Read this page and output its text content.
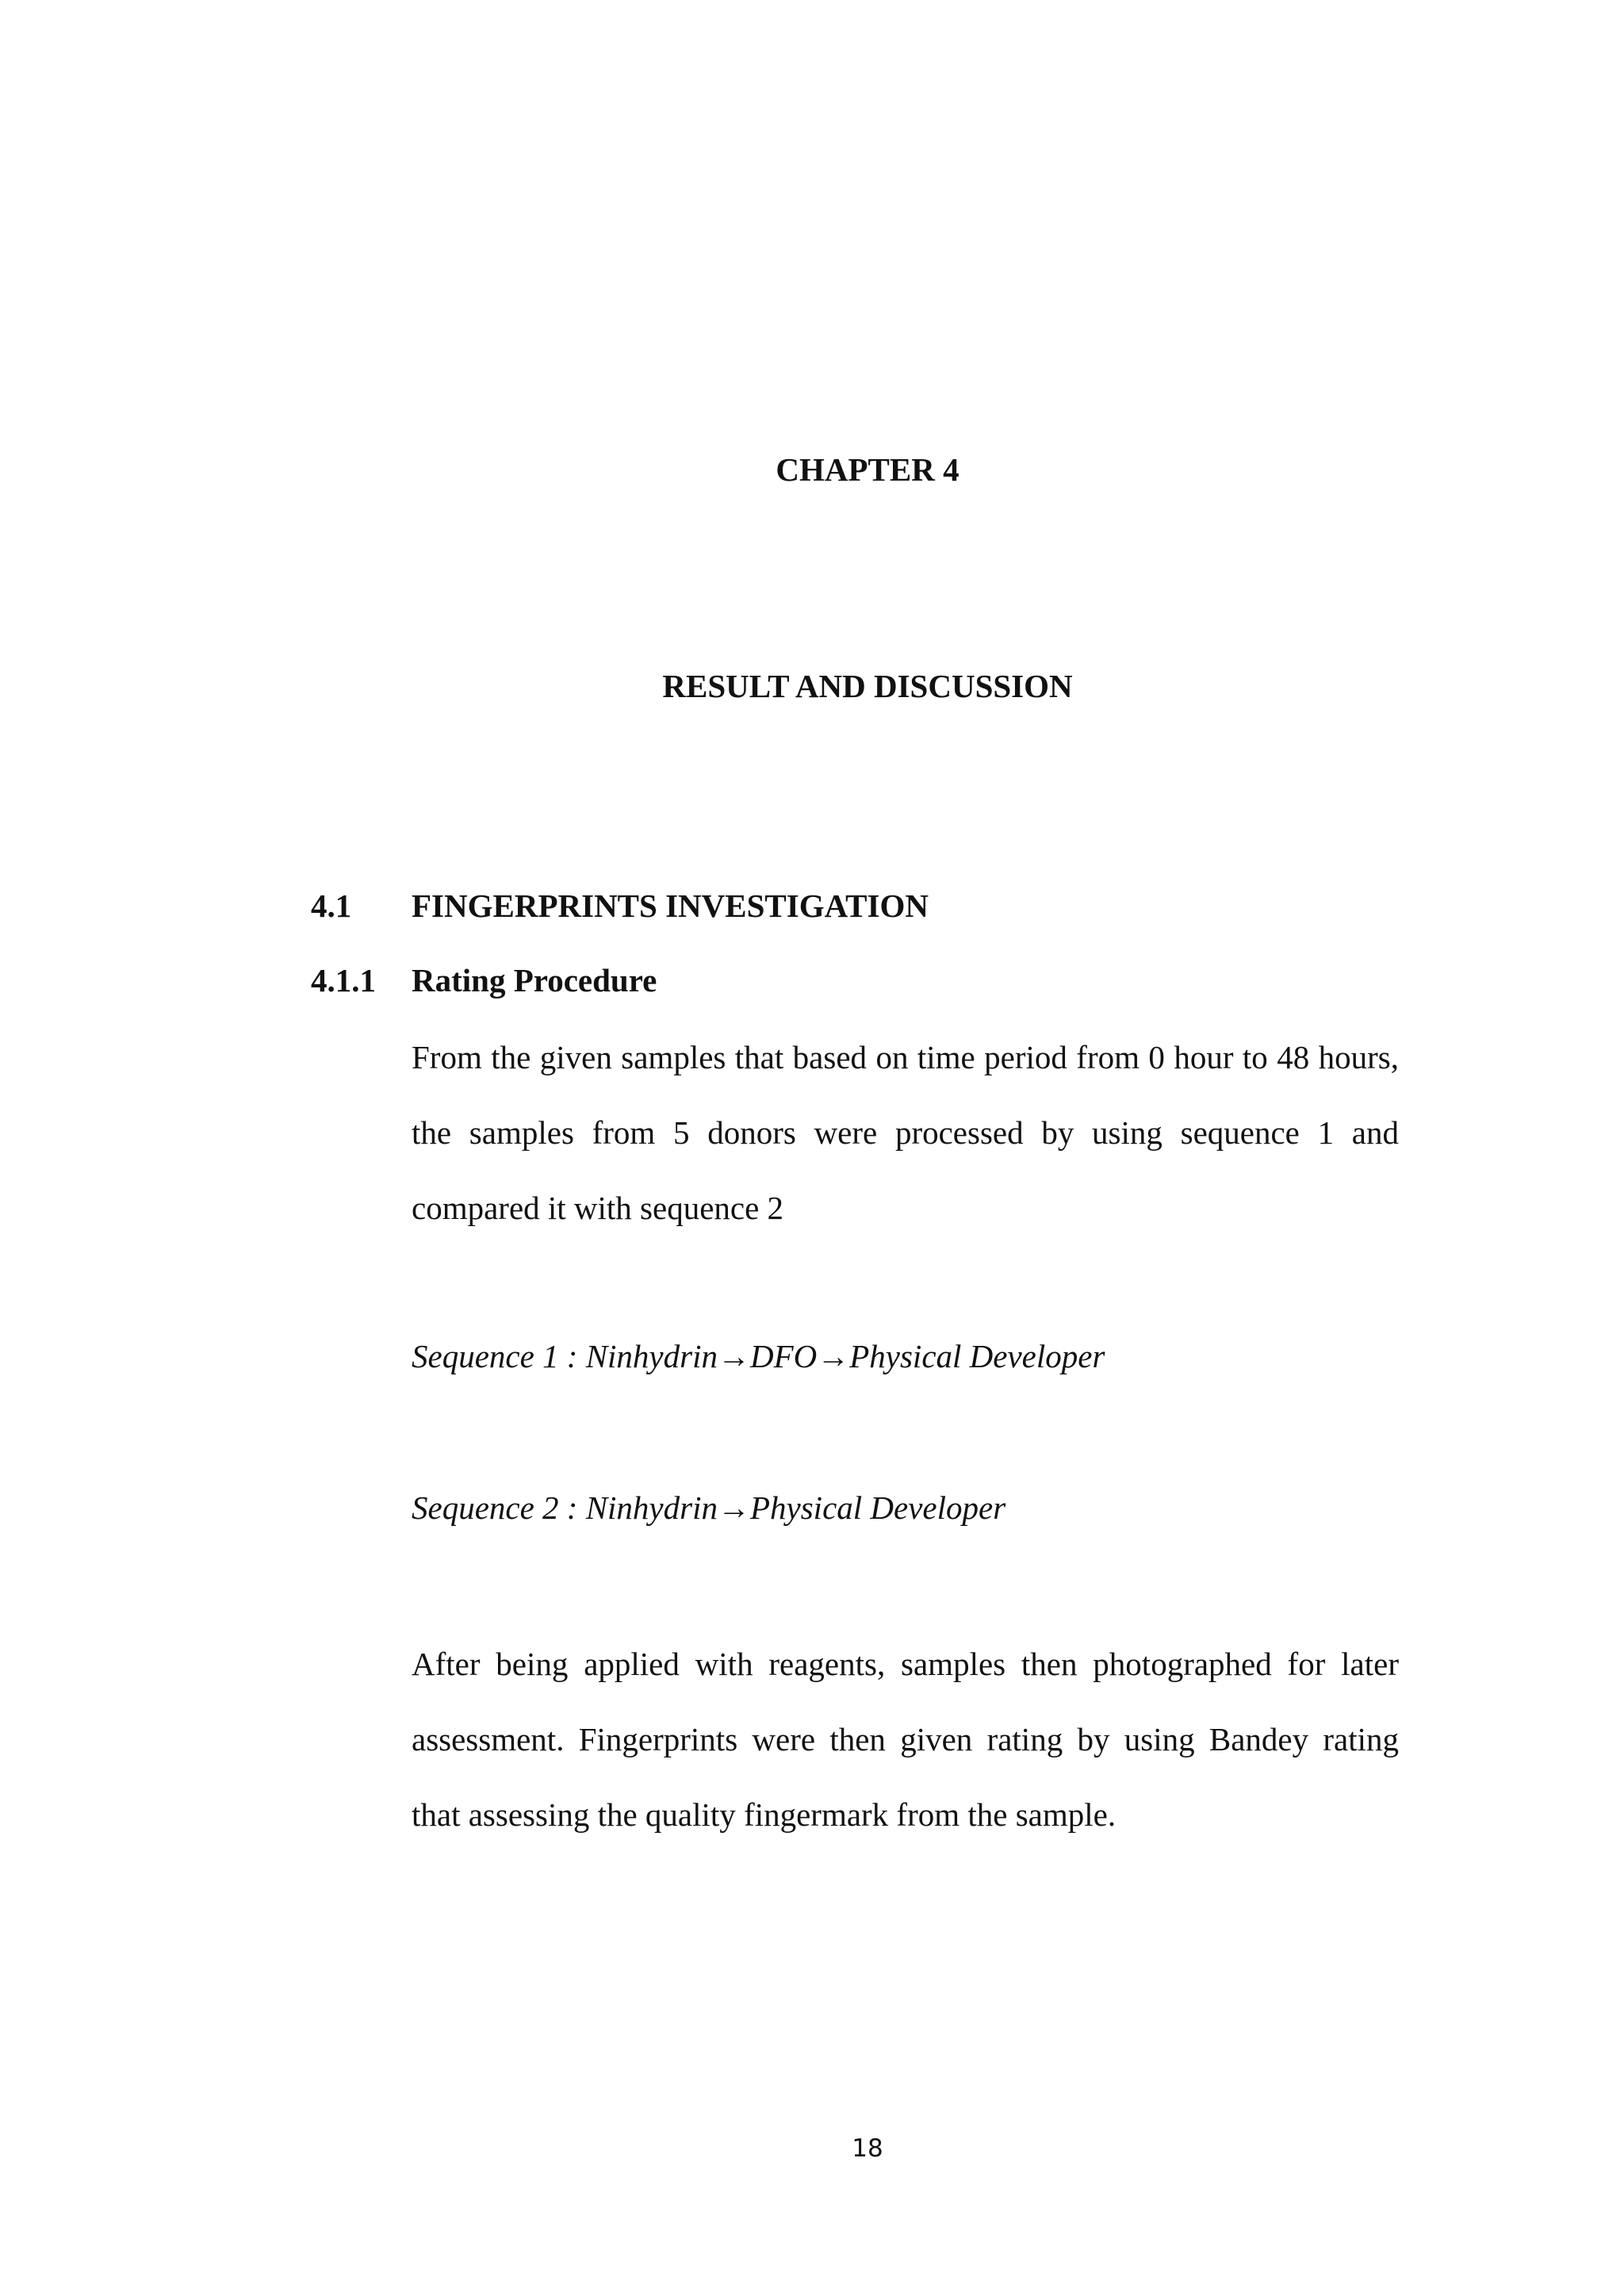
CHAPTER 4
RESULT AND DISCUSSION
4.1 FINGERPRINTS INVESTIGATION
4.1.1 Rating Procedure
From the given samples that based on time period from 0 hour to 48 hours,
the samples from 5 donors were processed by using sequence 1 and
compared it with sequence 2
Sequence 1 : Ninhydrin→DFO→Physical Developer
Sequence 2 : Ninhydrin→Physical Developer
After being applied with reagents, samples then photographed for later
assessment. Fingerprints were then given rating by using Bandey rating
that assessing the quality fingermark from the sample.
18
